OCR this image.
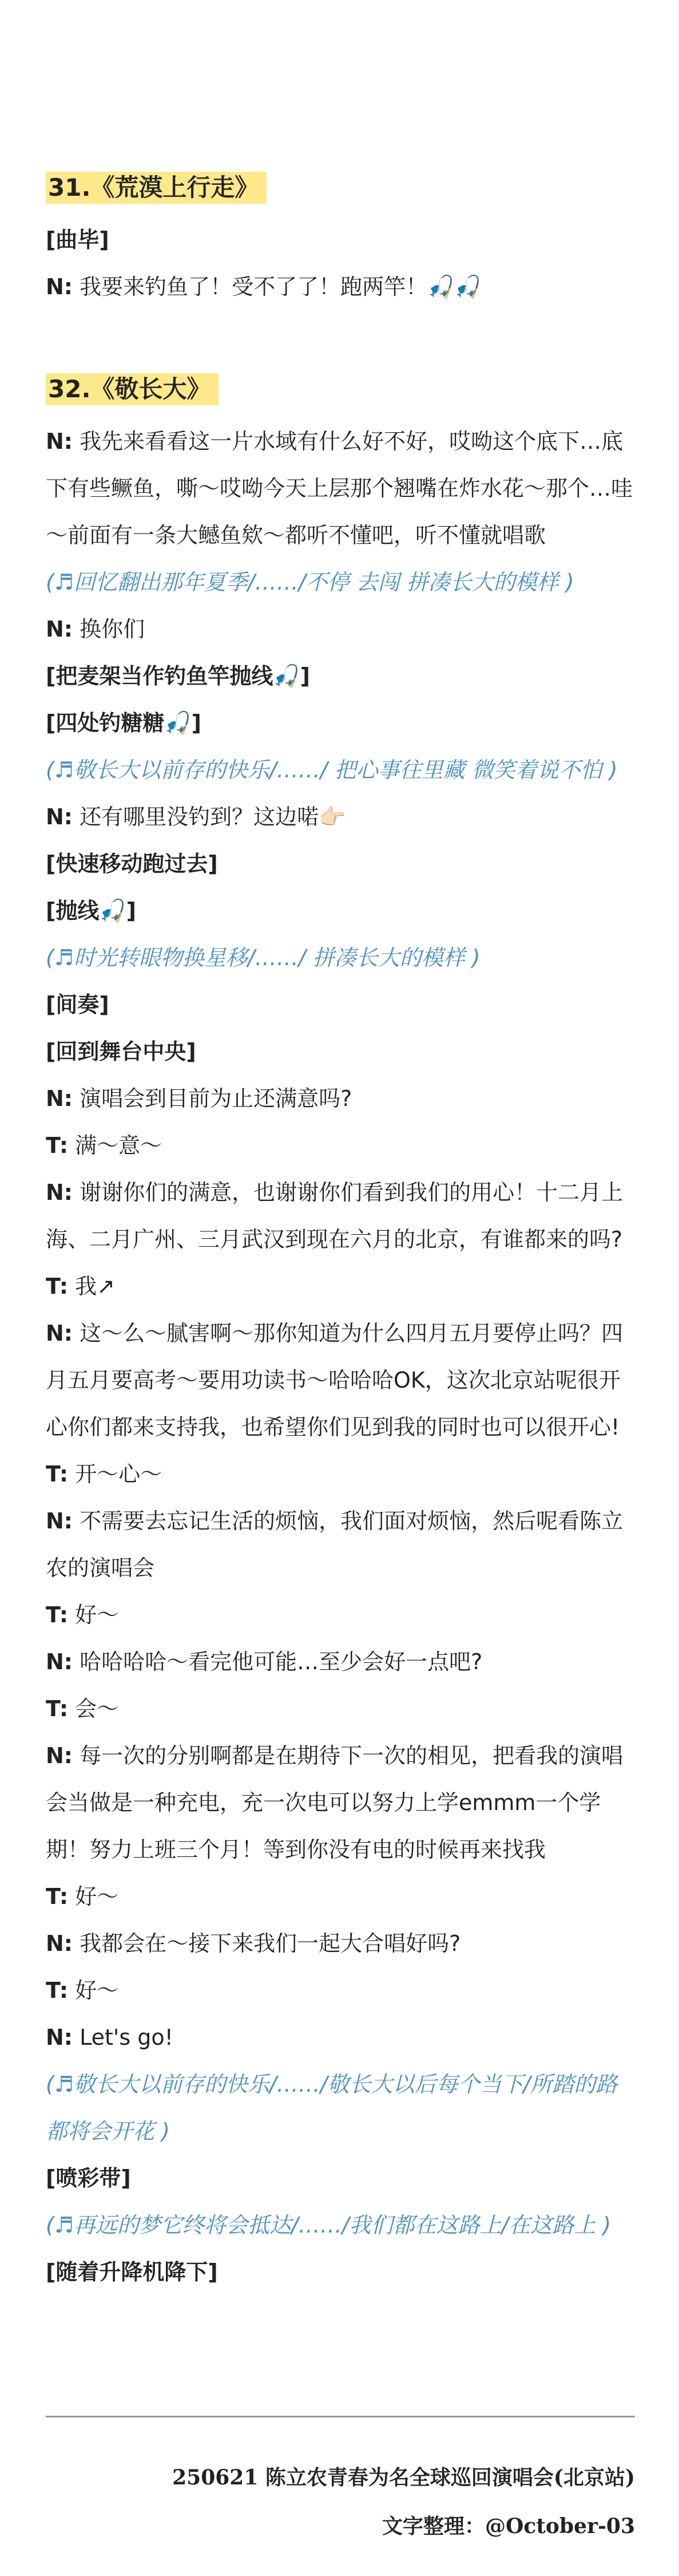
31.《荒漠上行走》
[曲毕]
N: 我要来钓鱼了！受不了了！跑两竿！🎣🎣
32.《敬长大》
N: 我先来看看这一片水域有什么好不好，哎呦这个底下…底下有些鳜鱼，嘶～哎呦今天上层那个翘嘴在炸水花～那个…哇～前面有一条大鳡鱼欸～都听不懂吧，听不懂就唱歌
(♬回忆翻出那年夏季/……/不停 去闯 拼凑长大的模样 )
N: 换你们
[把麦架当作钓鱼竿抛线🎣]
[四处钓糖糖🎣]
(♬敬长大以前存的快乐/……/ 把心事往里藏 微笑着说不怕 )
N: 还有哪里没钓到？这边喏👉🏻
[快速移动跑过去]
[抛线🎣]
(♬时光转眼物换星移/……/ 拼凑长大的模样 )
[间奏]
[回到舞台中央]
N: 演唱会到目前为止还满意吗?
T: 满～意～
N: 谢谢你们的满意，也谢谢你们看到我们的用心！十二月上海、二月广州、三月武汉到现在六月的北京，有谁都来的吗?
T: 我↗
N: 这～么～腻害啊～那你知道为什么四月五月要停止吗？四月五月要高考～要用功读书～哈哈哈OK，这次北京站呢很开心你们都来支持我，也希望你们见到我的同时也可以很开心!
T: 开～心～
N: 不需要去忘记生活的烦恼，我们面对烦恼，然后呢看陈立农的演唱会
T: 好～
N: 哈哈哈哈～看完他可能…至少会好一点吧?
T: 会～
N: 每一次的分别啊都是在期待下一次的相见，把看我的演唱会当做是一种充电，充一次电可以努力上学emmm一个学期！努力上班三个月！等到你没有电的时候再来找我
T: 好～
N: 我都会在～接下来我们一起大合唱好吗?
T: 好～
N: Let's go!
(♬敬长大以前存的快乐/……/敬长大以后每个当下/所踏的路都将会开花 )
[喷彩带]
(♬再远的梦它终将会抵达/……/我们都在这路上/在这路上 )
[随着升降机降下]
250621 陈立农青春为名全球巡回演唱会(北京站)
文字整理：@October-03
